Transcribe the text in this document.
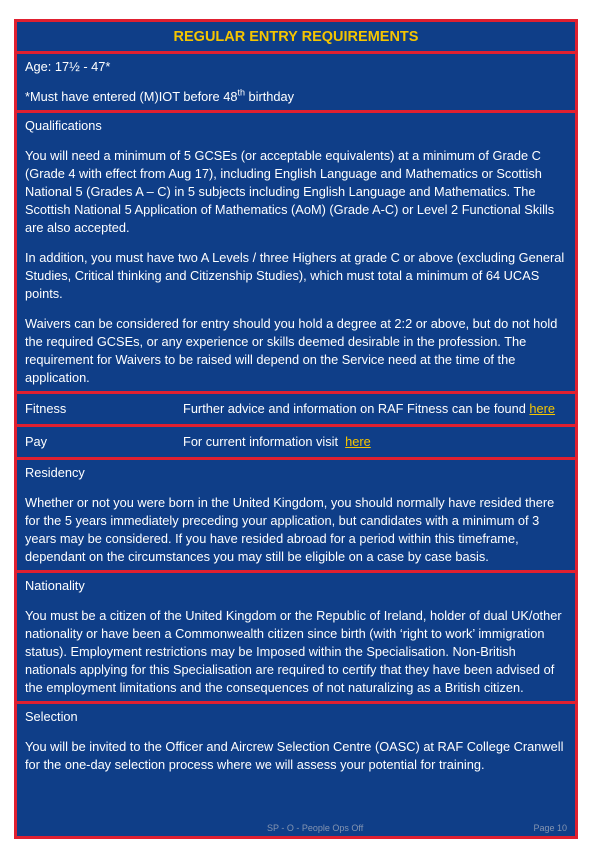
REGULAR ENTRY REQUIREMENTS

Age: 17½ - 47*

*Must have entered (M)IOT before 48th birthday

Qualifications

You will need a minimum of 5 GCSEs (or acceptable equivalents) at a minimum of Grade C (Grade 4 with effect from Aug 17), including English Language and Mathematics or Scottish National 5 (Grades A – C) in 5 subjects including English Language and Mathematics. The Scottish National 5 Application of Mathematics (AoM) (Grade A-C) or Level 2 Functional Skills are also accepted.

In addition, you must have two A Levels / three Highers at grade C or above (excluding General Studies, Critical thinking and Citizenship Studies), which must total a minimum of 64 UCAS points.

Waivers can be considered for entry should you hold a degree at 2:2 or above, but do not hold the required GCSEs, or any experience or skills deemed desirable in the profession. The requirement for Waivers to be raised will depend on the Service need at the time of the application.

Fitness	Further advice and information on RAF Fitness can be found here
Pay	For current information visit  here

Residency

Whether or not you were born in the United Kingdom, you should normally have resided there for the 5 years immediately preceding your application, but candidates with a minimum of 3 years may be considered. If you have resided abroad for a period within this timeframe, dependant on the circumstances you may still be eligible on a case by case basis.

Nationality

You must be a citizen of the United Kingdom or the Republic of Ireland, holder of dual UK/other nationality or have been a Commonwealth citizen since birth (with ‘right to work’ immigration status). Employment restrictions may be Imposed within the Specialisation. Non-British nationals applying for this Specialisation are required to certify that they have been advised of the employment limitations and the consequences of not naturalizing as a British citizen.

Selection

You will be invited to the Officer and Aircrew Selection Centre (OASC) at RAF College Cranwell for the one-day selection process where we will assess your potential for training.

SP - O - People Ops Off	Page 10
